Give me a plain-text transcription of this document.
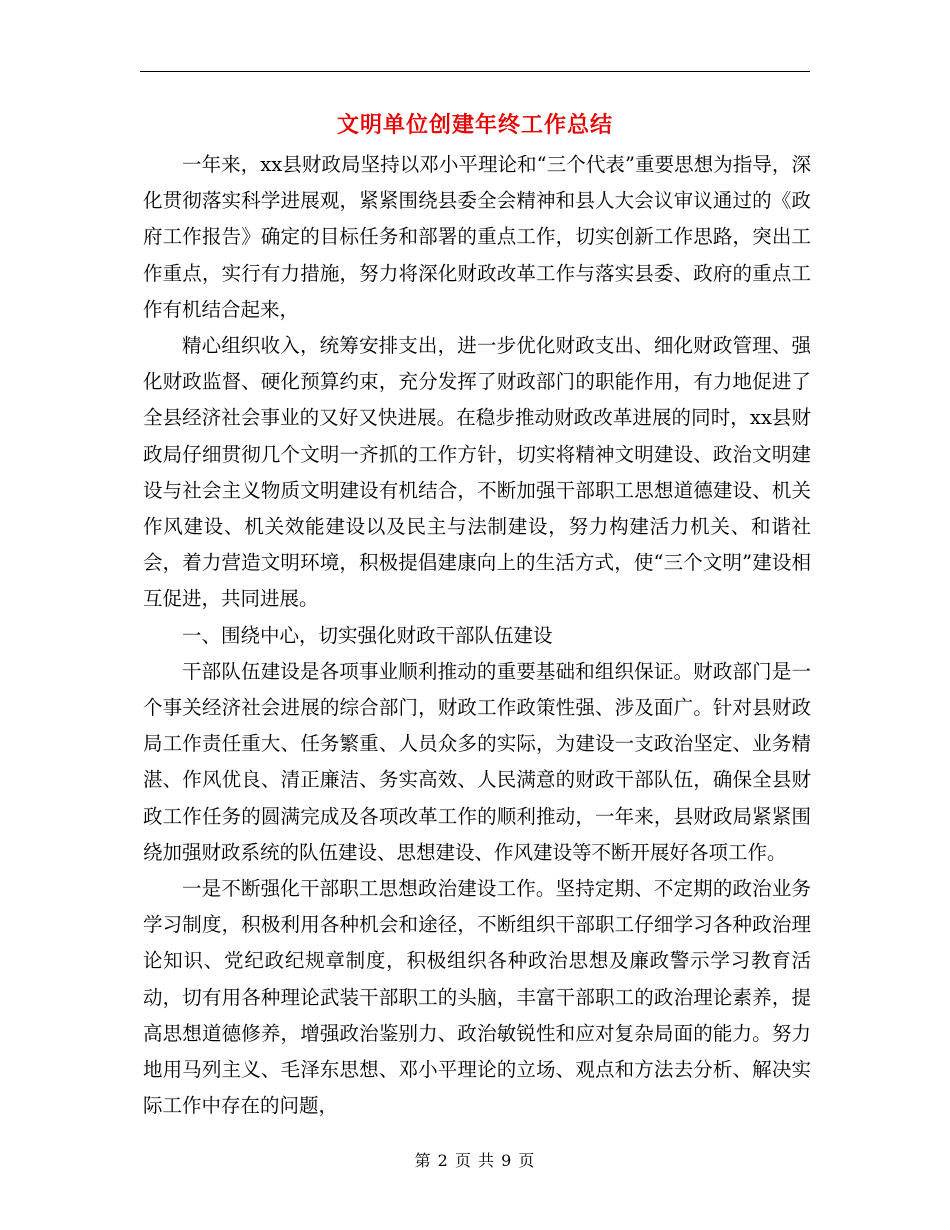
文明单位创建年终工作总结

一年来，xx县财政局坚持以邓小平理论和“三个代表”重要思想为指导，深化贯彻落实科学进展观，紧紧围绕县委全会精神和县人大会议审议通过的《政府工作报告》确定的目标任务和部署的重点工作，切实创新工作思路，突出工作重点，实行有力措施，努力将深化财政改革工作与落实县委、政府的重点工作有机结合起来，

精心组织收入，统筹安排支出，进一步优化财政支出、细化财政管理、强化财政监督、硬化预算约束，充分发挥了财政部门的职能作用，有力地促进了全县经济社会事业的又好又快进展。在稳步推动财政改革进展的同时，xx县财政局仔细贯彻几个文明一齐抓的工作方针，切实将精神文明建设、政治文明建设与社会主义物质文明建设有机结合，不断加强干部职工思想道德建设、机关作风建设、机关效能建设以及民主与法制建设，努力构建活力机关、和谐社会，着力营造文明环境，积极提倡建康向上的生活方式，使“三个文明”建设相互促进，共同进展。

一、围绕中心，切实强化财政干部队伍建设

干部队伍建设是各项事业顺利推动的重要基础和组织保证。财政部门是一个事关经济社会进展的综合部门，财政工作政策性强、涉及面广。针对县财政局工作责任重大、任务繁重、人员众多的实际，为建设一支政治坚定、业务精湛、作风优良、清正廉洁、务实高效、人民满意的财政干部队伍，确保全县财政工作任务的圆满完成及各项改革工作的顺利推动，一年来，县财政局紧紧围绕加强财政系统的队伍建设、思想建设、作风建设等不断开展好各项工作。

一是不断强化干部职工思想政治建设工作。坚持定期、不定期的政治业务学习制度，积极利用各种机会和途径，不断组织干部职工仔细学习各种政治理论知识、党纪政纪规章制度，积极组织各种政治思想及廉政警示学习教育活动，切有用各种理论武装干部职工的头脑，丰富干部职工的政治理论素养，提高思想道德修养，增强政治鉴别力、政治敏锐性和应对复杂局面的能力。努力地用马列主义、毛泽东思想、邓小平理论的立场、观点和方法去分析、解决实际工作中存在的问题，

第 2 页 共 9 页
